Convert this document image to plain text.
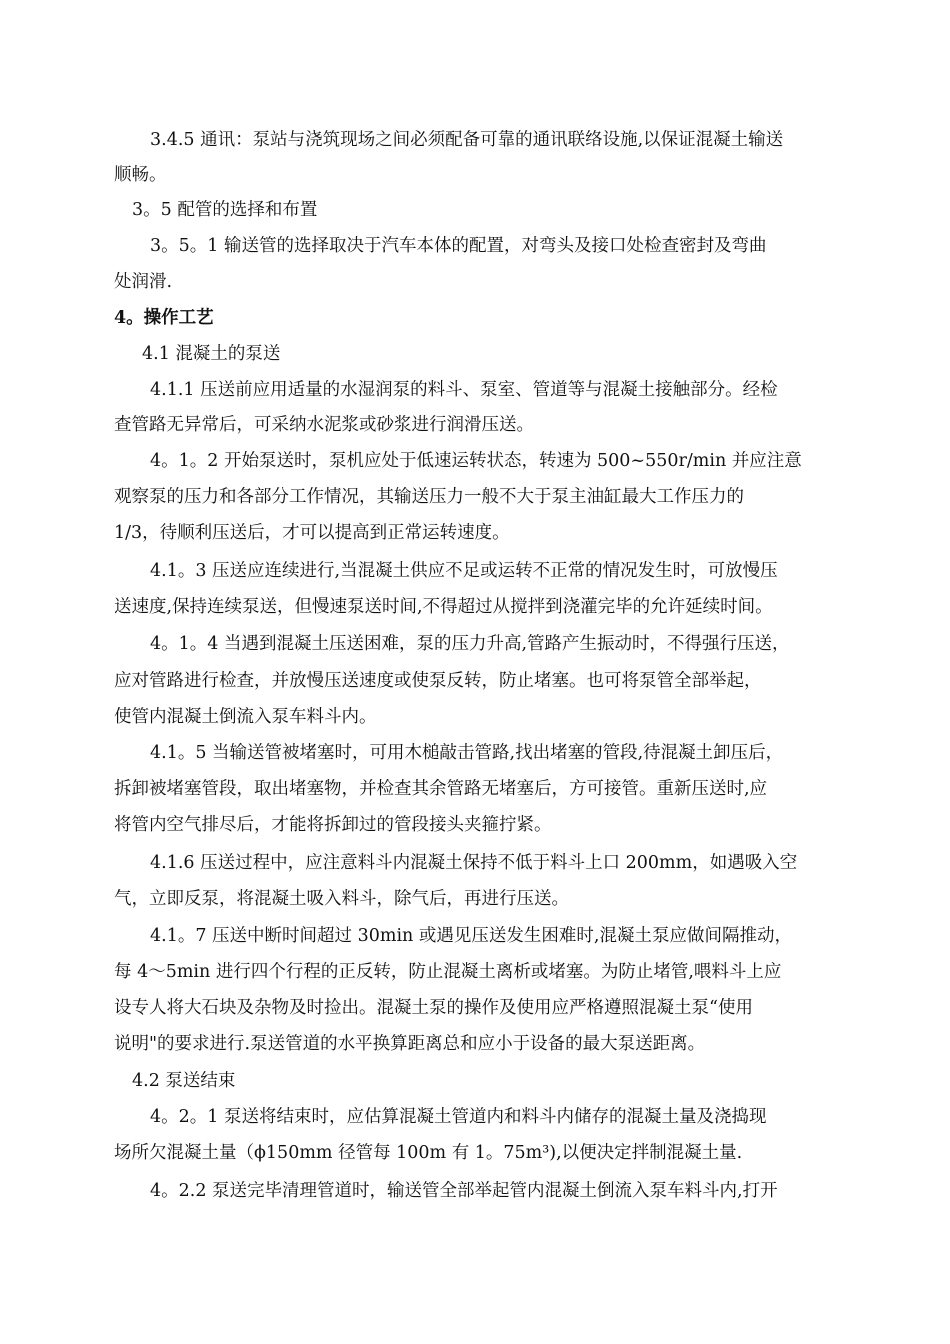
3.4.5 通讯：泵站与浇筑现场之间必须配备可靠的通讯联络设施,以保证混凝土输送

顺畅。

3。5 配管的选择和布置

3。5。1 输送管的选择取决于汽车本体的配置，对弯头及接口处检查密封及弯曲

处润滑.

4。操作工艺

4.1 混凝土的泵送

4.1.1 压送前应用适量的水湿润泵的料斗、泵室、管道等与混凝土接触部分。经检

查管路无异常后，可采纳水泥浆或砂浆进行润滑压送。

4。1。2 开始泵送时，泵机应处于低速运转状态，转速为 500~550r/min 并应注意

观察泵的压力和各部分工作情况，其输送压力一般不大于泵主油缸最大工作压力的

1/3，待顺利压送后，才可以提高到正常运转速度。

4.1。3 压送应连续进行,当混凝土供应不足或运转不正常的情况发生时，可放慢压

送速度,保持连续泵送，但慢速泵送时间,不得超过从搅拌到浇灌完毕的允许延续时间。

4。1。4 当遇到混凝土压送困难，泵的压力升高,管路产生振动时，不得强行压送，

应对管路进行检查，并放慢压送速度或使泵反转，防止堵塞。也可将泵管全部举起，

使管内混凝土倒流入泵车料斗内。

4.1。5 当输送管被堵塞时，可用木槌敲击管路,找出堵塞的管段,待混凝土卸压后，

拆卸被堵塞管段，取出堵塞物，并检查其余管路无堵塞后，方可接管。重新压送时,应

将管内空气排尽后，才能将拆卸过的管段接头夹箍拧紧。

4.1.6 压送过程中，应注意料斗内混凝土保持不低于料斗上口 200mm，如遇吸入空

气，立即反泵，将混凝土吸入料斗，除气后，再进行压送。

4.1。7 压送中断时间超过 30min 或遇见压送发生困难时,混凝土泵应做间隔推动，

每 4～5min 进行四个行程的正反转，防止混凝土离析或堵塞。为防止堵管,喂料斗上应

设专人将大石块及杂物及时捡出。混凝土泵的操作及使用应严格遵照混凝土泵“使用

说明"的要求进行.泵送管道的水平换算距离总和应小于设备的最大泵送距离。

4.2 泵送结束

4。2。1 泵送将结束时，应估算混凝土管道内和料斗内储存的混凝土量及浇捣现

场所欠混凝土量（ϕ150mm 径管每 100m 有 1。75m³),以便决定拌制混凝土量.

4。2.2 泵送完毕清理管道时，输送管全部举起管内混凝土倒流入泵车料斗内,打开
